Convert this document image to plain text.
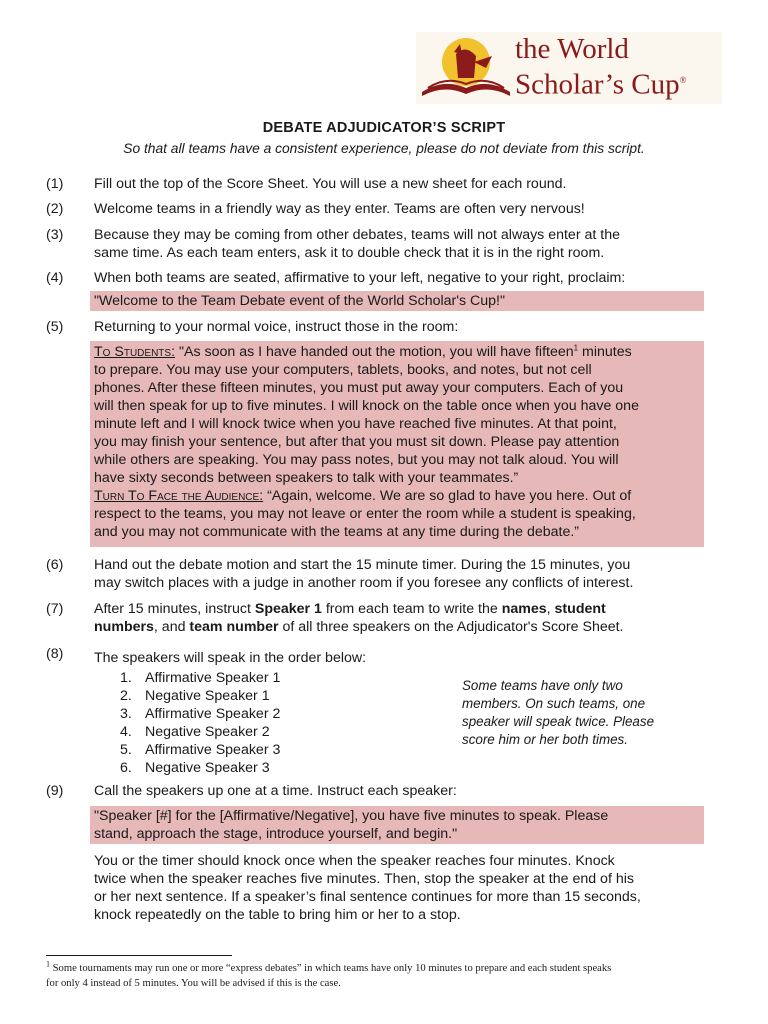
the World
Scholar’s Cup®
DEBATE ADJUDICATOR’S SCRIPT
So that all teams have a consistent experience, please do not deviate from this script.
(1) Fill out the top of the Score Sheet. You will use a new sheet for each round.
(2) Welcome teams in a friendly way as they enter. Teams are often very nervous!
(3) Because they may be coming from other debates, teams will not always enter at the
same time. As each team enters, ask it to double check that it is in the right room.
(4) When both teams are seated, affirmative to your left, negative to your right, proclaim:
"Welcome to the Team Debate event of the World Scholar's Cup!"
(5) Returning to your normal voice, instruct those in the room:
To Students: "As soon as I have handed out the motion, you will have fifteen$^1$ minutes
to prepare. You may use your computers, tablets, books, and notes, but not cell
phones. After these fifteen minutes, you must put away your computers. Each of you
will then speak for up to five minutes. I will knock on the table once when you have one
minute left and I will knock twice when you have reached five minutes. At that point,
you may finish your sentence, but after that you must sit down. Please pay attention
while others are speaking. You may pass notes, but you may not talk aloud. You will
have sixty seconds between speakers to talk with your teammates.”
Turn To Face the Audience: “Again, welcome. We are so glad to have you here. Out of
respect to the teams, you may not leave or enter the room while a student is speaking,
and you may not communicate with the teams at any time during the debate.”
(6) Hand out the debate motion and start the 15 minute timer. During the 15 minutes, you
may switch places with a judge in another room if you foresee any conflicts of interest.
(7) After 15 minutes, instruct Speaker 1 from each team to write the names, student
numbers, and team number of all three speakers on the Adjudicator's Score Sheet.
(8) The speakers will speak in the order below:
1. Affirmative Speaker 1
2. Negative Speaker 1
3. Affirmative Speaker 2
4. Negative Speaker 2
5. Affirmative Speaker 3
6. Negative Speaker 3
Some teams have only two
members. On such teams, one
speaker will speak twice. Please
score him or her both times.
(9) Call the speakers up one at a time. Instruct each speaker:
"Speaker [#] for the [Affirmative/Negative], you have five minutes to speak. Please
stand, approach the stage, introduce yourself, and begin."
You or the timer should knock once when the speaker reaches four minutes. Knock
twice when the speaker reaches five minutes. Then, stop the speaker at the end of his
or her next sentence. If a speaker’s final sentence continues for more than 15 seconds,
knock repeatedly on the table to bring him or her to a stop.
$^1$ Some tournaments may run one or more “express debates” in which teams have only 10 minutes to prepare and each student speaks
for only 4 instead of 5 minutes. You will be advised if this is the case.
